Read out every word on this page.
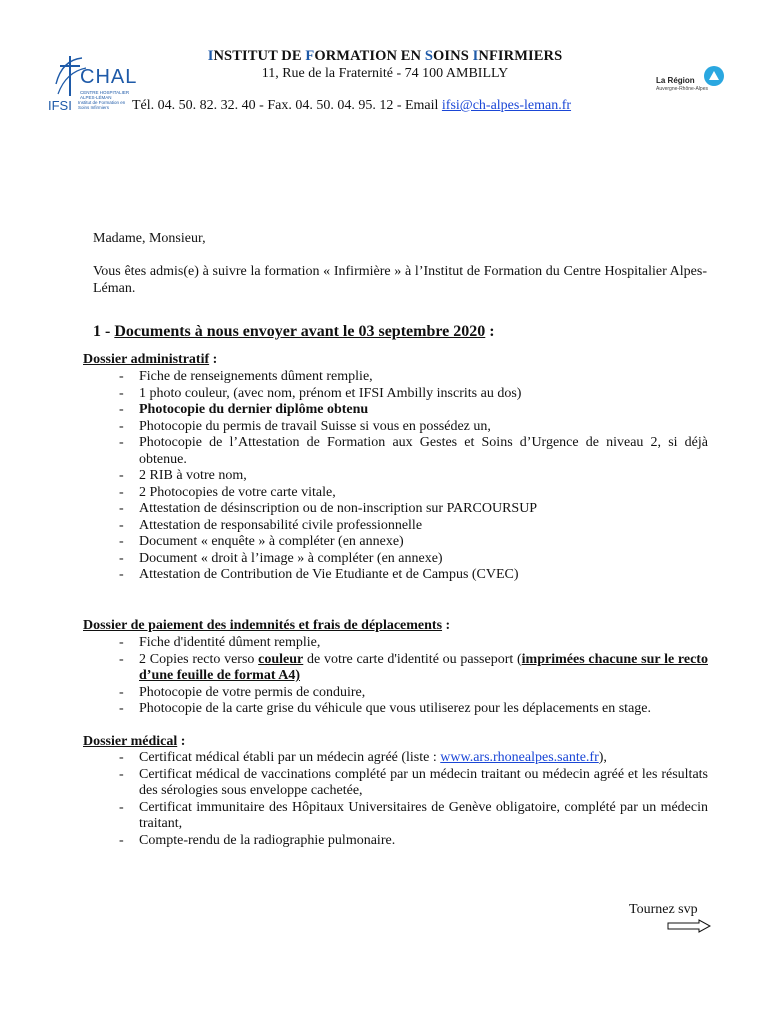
CHAL
CENTRE HOSPITALIER ALPES-LÉMAN
IFSI Institut de Formation en Soins Infirmiers
INSTITUT DE FORMATION EN SOINS INFIRMIERS
11, Rue de la Fraternité - 74 100 AMBILLY
Tél. 04. 50. 82. 32. 40 - Fax. 04. 50. 04. 95. 12 - Email ifsi@ch-alpes-leman.fr
La Région
Auvergne-Rhône-Alpes
Madame, Monsieur,
Vous êtes admis(e) à suivre la formation « Infirmière » à l’Institut de Formation du Centre Hospitalier Alpes-Léman.
1 - Documents à nous envoyer avant le 03 septembre 2020 :
Dossier administratif :
- Fiche de renseignements dûment remplie,
- 1 photo couleur, (avec nom, prénom et IFSI Ambilly inscrits au dos)
- Photocopie du dernier diplôme obtenu
- Photocopie du permis de travail Suisse si vous en possédez un,
- Photocopie de l’Attestation de Formation aux Gestes et Soins d’Urgence de niveau 2, si déjà obtenue.
- 2 RIB à votre nom,
- 2 Photocopies de votre carte vitale,
- Attestation de désinscription ou de non-inscription sur PARCOURSUP
- Attestation de responsabilité civile professionnelle
- Document « enquête » à compléter (en annexe)
- Document « droit à l’image » à compléter (en annexe)
- Attestation de Contribution de Vie Etudiante et de Campus (CVEC)
Dossier de paiement des indemnités et frais de déplacements :
- Fiche d'identité dûment remplie,
- 2 Copies recto verso couleur de votre carte d'identité ou passeport (imprimées chacune sur le recto d’une feuille de format A4)
- Photocopie de votre permis de conduire,
- Photocopie de la carte grise du véhicule que vous utiliserez pour les déplacements en stage.
Dossier médical :
- Certificat médical établi par un médecin agréé (liste : www.ars.rhonealpes.sante.fr),
- Certificat médical de vaccinations complété par un médecin traitant ou médecin agréé et les résultats des sérologies sous enveloppe cachetée,
- Certificat immunitaire des Hôpitaux Universitaires de Genève obligatoire, complété par un médecin traitant,
- Compte-rendu de la radiographie pulmonaire.
Tournez svp
